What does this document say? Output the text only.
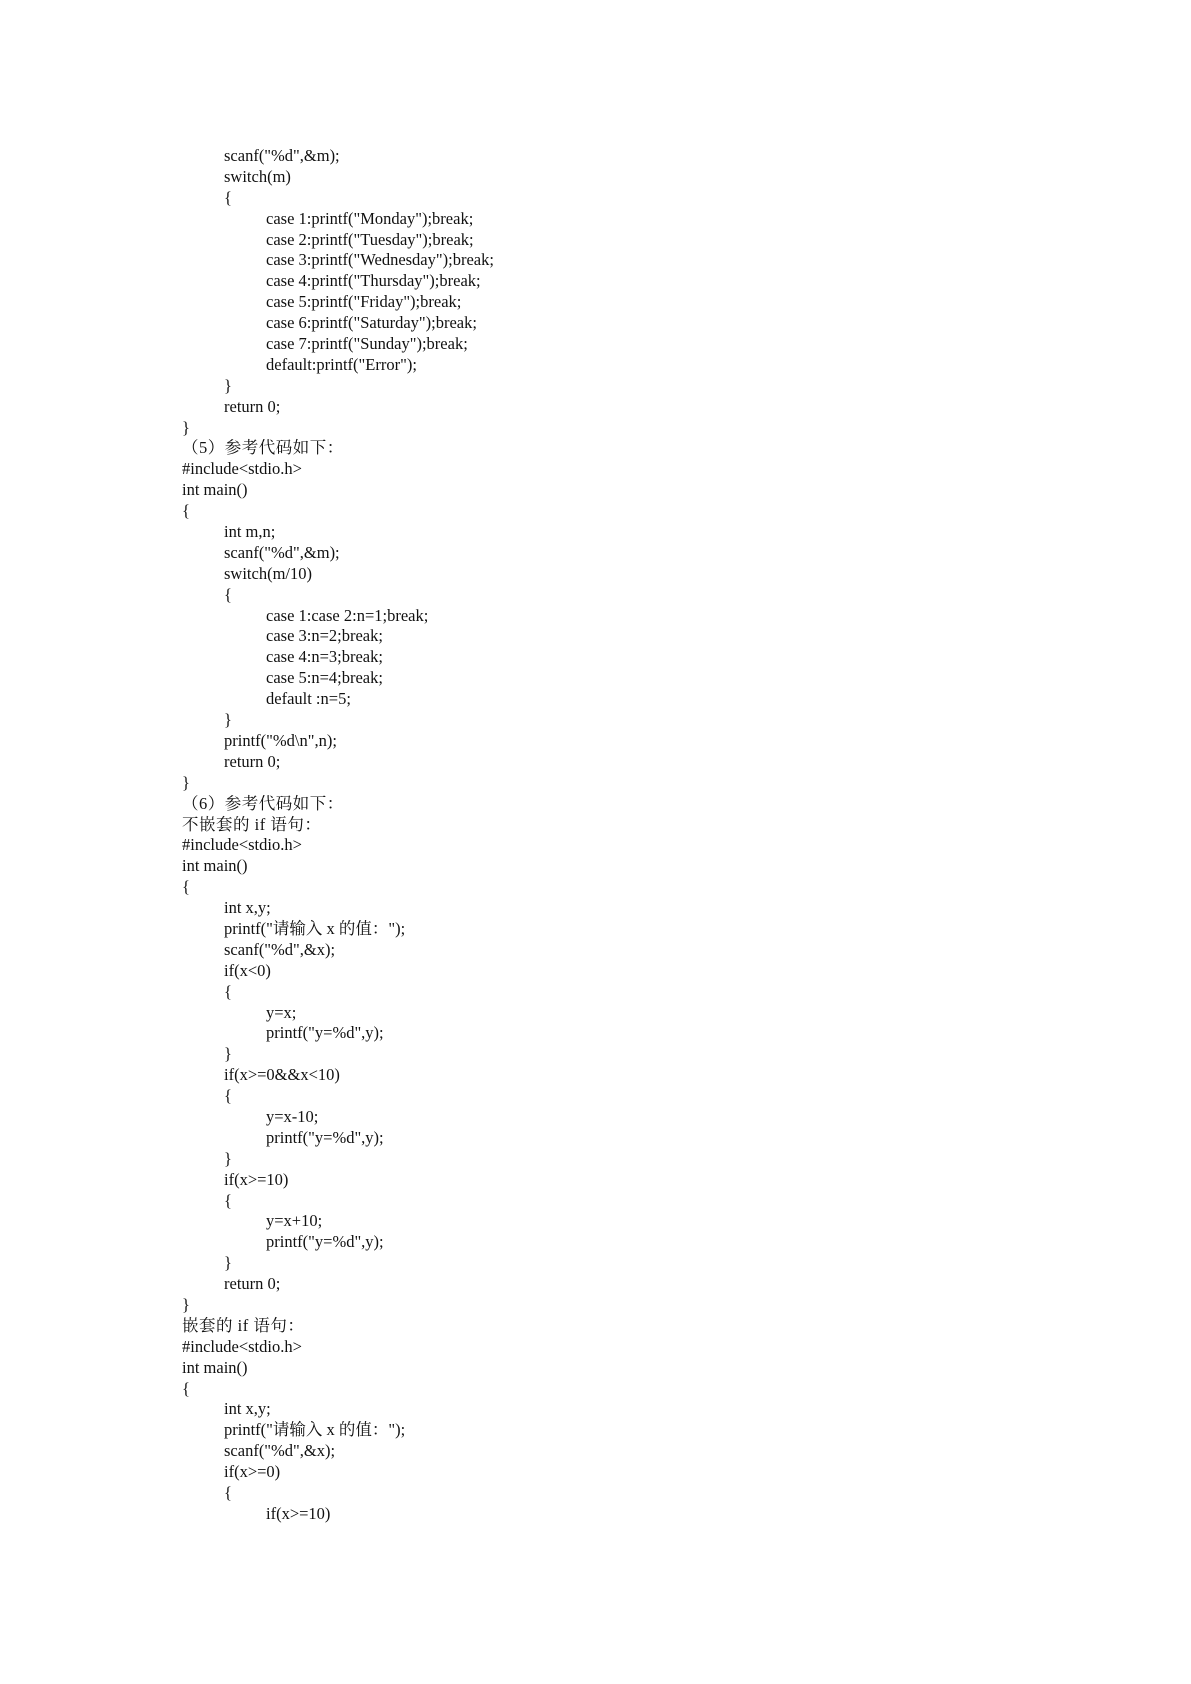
scanf("%d",&m);
switch(m)
{
case 1:printf("Monday");break;
case 2:printf("Tuesday");break;
case 3:printf("Wednesday");break;
case 4:printf("Thursday");break;
case 5:printf("Friday");break;
case 6:printf("Saturday");break;
case 7:printf("Sunday");break;
default:printf("Error");
}
return 0;
}
（5）参考代码如下：
#include<stdio.h>
int main()
{
int m,n;
scanf("%d",&m);
switch(m/10)
{
case 1:case 2:n=1;break;
case 3:n=2;break;
case 4:n=3;break;
case 5:n=4;break;
default :n=5;
}
printf("%d\n",n);
return 0;
}
（6）参考代码如下：
不嵌套的 if 语句：
#include<stdio.h>
int main()
{
int x,y;
printf("请输入 x 的值：");
scanf("%d",&x);
if(x<0)
{
y=x;
printf("y=%d",y);
}
if(x>=0&&x<10)
{
y=x-10;
printf("y=%d",y);
}
if(x>=10)
{
y=x+10;
printf("y=%d",y);
}
return 0;
}
嵌套的 if 语句：
#include<stdio.h>
int main()
{
int x,y;
printf("请输入 x 的值：");
scanf("%d",&x);
if(x>=0)
{
if(x>=10)
